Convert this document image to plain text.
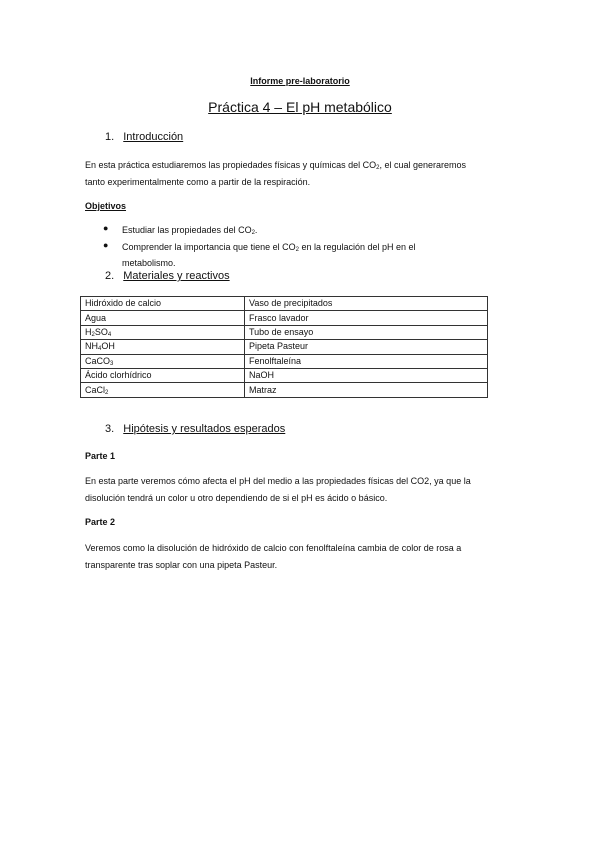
Informe pre-laboratorio
Práctica 4 – El pH metabólico
1. Introducción
En esta práctica estudiaremos las propiedades físicas y químicas del $CO_2$, el cual generaremos
tanto experimentalmente como a partir de la respiración.
Objetivos
● Estudiar las propiedades del $CO_2$.
● Comprender la importancia que tiene el $CO_2$ en la regulación del pH en el
metabolismo.
2. Materiales y reactivos
Hidróxido de calcio	Vaso de precipitados
Agua	Frasco lavador
$H_2SO_4$	Tubo de ensayo
$NH_4OH$	Pipeta Pasteur
CaCO$_3$	Fenolftaleína
Ácido clorhídrico	NaOH
CaCl$_2$	Matraz
3. Hipótesis y resultados esperados
Parte 1
En esta parte veremos cómo afecta el pH del medio a las propiedades físicas del CO2, ya que la
disolución tendrá un color u otro dependiendo de si el pH es ácido o básico.
Parte 2
Veremos como la disolución de hidróxido de calcio con fenolftaleína cambia de color de rosa a
transparente tras soplar con una pipeta Pasteur.
